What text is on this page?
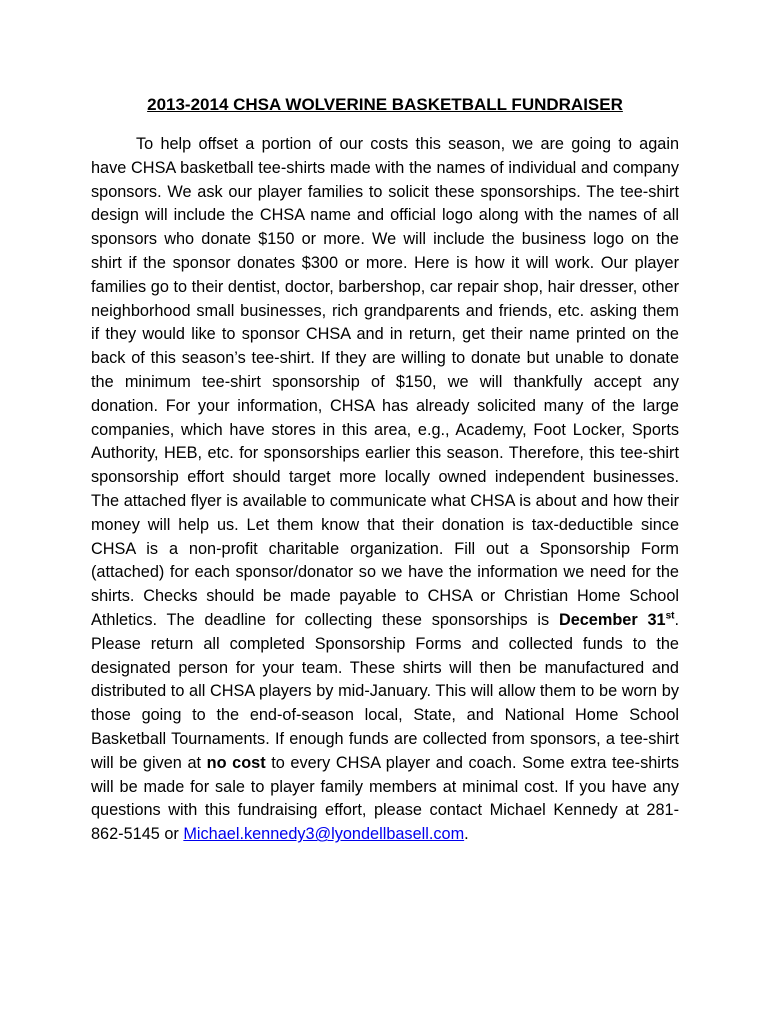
2013-2014 CHSA WOLVERINE BASKETBALL FUNDRAISER

To help offset a portion of our costs this season, we are going to again have CHSA basketball tee-shirts made with the names of individual and company sponsors. We ask our player families to solicit these sponsorships. The tee-shirt design will include the CHSA name and official logo along with the names of all sponsors who donate $150 or more. We will include the business logo on the shirt if the sponsor donates $300 or more. Here is how it will work. Our player families go to their dentist, doctor, barbershop, car repair shop, hair dresser, other neighborhood small businesses, rich grandparents and friends, etc. asking them if they would like to sponsor CHSA and in return, get their name printed on the back of this season’s tee-shirt. If they are willing to donate but unable to donate the minimum tee-shirt sponsorship of $150, we will thankfully accept any donation. For your information, CHSA has already solicited many of the large companies, which have stores in this area, e.g., Academy, Foot Locker, Sports Authority, HEB, etc. for sponsorships earlier this season. Therefore, this tee-shirt sponsorship effort should target more locally owned independent businesses. The attached flyer is available to communicate what CHSA is about and how their money will help us. Let them know that their donation is tax-deductible since CHSA is a non-profit charitable organization. Fill out a Sponsorship Form (attached) for each sponsor/donator so we have the information we need for the shirts. Checks should be made payable to CHSA or Christian Home School Athletics. The deadline for collecting these sponsorships is December 31st. Please return all completed Sponsorship Forms and collected funds to the designated person for your team. These shirts will then be manufactured and distributed to all CHSA players by mid-January. This will allow them to be worn by those going to the end-of-season local, State, and National Home School Basketball Tournaments. If enough funds are collected from sponsors, a tee-shirt will be given at no cost to every CHSA player and coach. Some extra tee-shirts will be made for sale to player family members at minimal cost. If you have any questions with this fundraising effort, please contact Michael Kennedy at 281-862-5145 or Michael.kennedy3@lyondellbasell.com.
